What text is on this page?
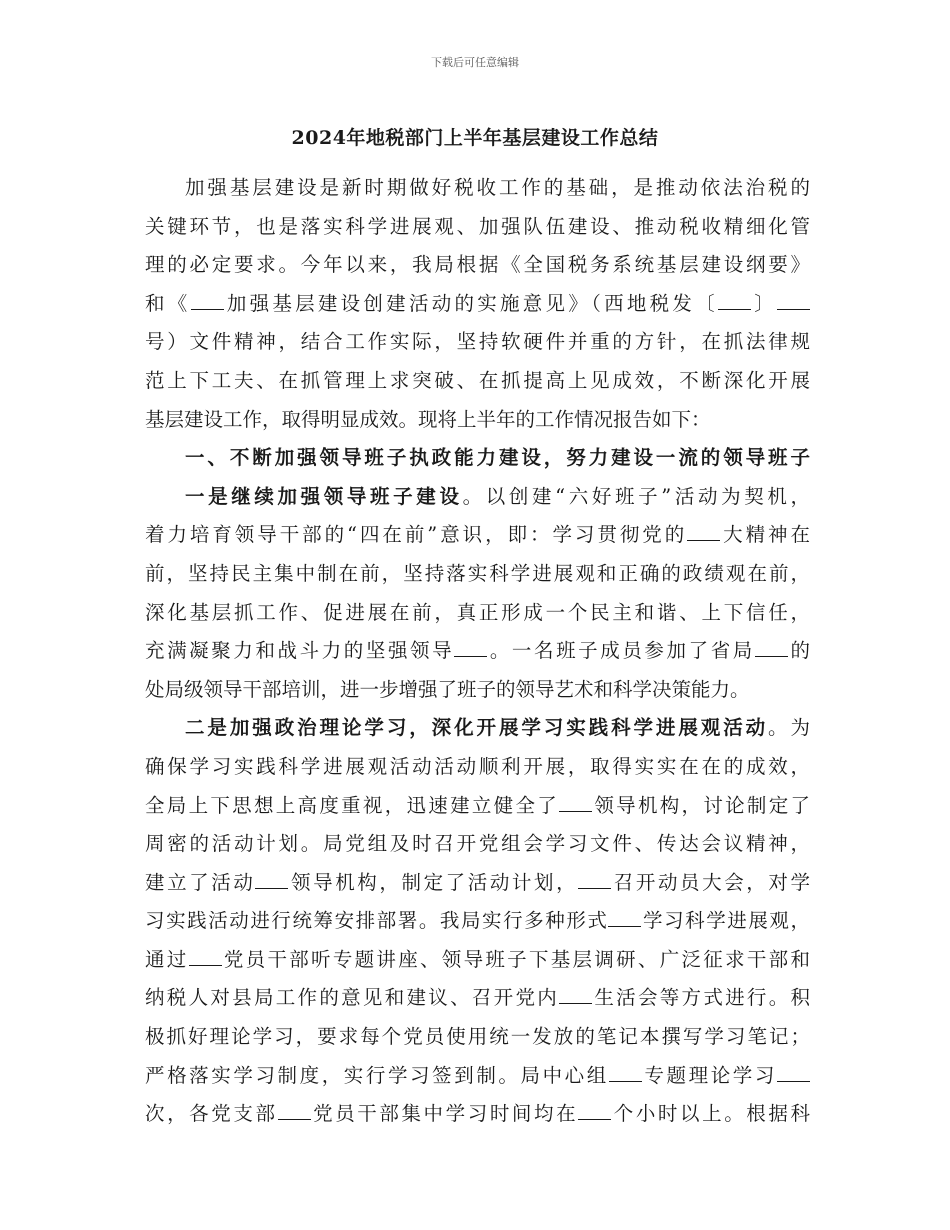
下载后可任意编辑
2024年地税部门上半年基层建设工作总结
加强基层建设是新时期做好税收工作的基础，是推动依法治税的
关键环节，也是落实科学进展观、加强队伍建设、推动税收精细化管
理的必定要求。今年以来，我局根据《全国税务系统基层建设纲要》
和《 加强基层建设创建活动的实施意见》（西地税发〔 〕
号）文件精神，结合工作实际，坚持软硬件并重的方针，在抓法律规
范上下工夫、在抓管理上求突破、在抓提高上见成效，不断深化开展
基层建设工作，取得明显成效。现将上半年的工作情况报告如下：
一、不断加强领导班子执政能力建设，努力建设一流的领导班子
一是继续加强领导班子建设。以创建“六好班子”活动为契机，
着力培育领导干部的“四在前”意识，即：学习贯彻党的 大精神在
前，坚持民主集中制在前，坚持落实科学进展观和正确的政绩观在前，
深化基层抓工作、促进展在前，真正形成一个民主和谐、上下信任，
充满凝聚力和战斗力的坚强领导 。一名班子成员参加了省局 的
处局级领导干部培训，进一步增强了班子的领导艺术和科学决策能力。
二是加强政治理论学习，深化开展学习实践科学进展观活动。为
确保学习实践科学进展观活动活动顺利开展，取得实实在在的成效，
全局上下思想上高度重视，迅速建立健全了 领导机构，讨论制定了
周密的活动计划。局党组及时召开党组会学习文件、传达会议精神，
建立了活动 领导机构，制定了活动计划， 召开动员大会，对学
习实践活动进行统筹安排部署。我局实行多种形式 学习科学进展观，
通过 党员干部听专题讲座、领导班子下基层调研、广泛征求干部和
纳税人对县局工作的意见和建议、召开党内 生活会等方式进行。积
极抓好理论学习，要求每个党员使用统一发放的笔记本撰写学习笔记；
严格落实学习制度，实行学习签到制。局中心组 专题理论学习
次，各党支部 党员干部集中学习时间均在 个小时以上。根据科
